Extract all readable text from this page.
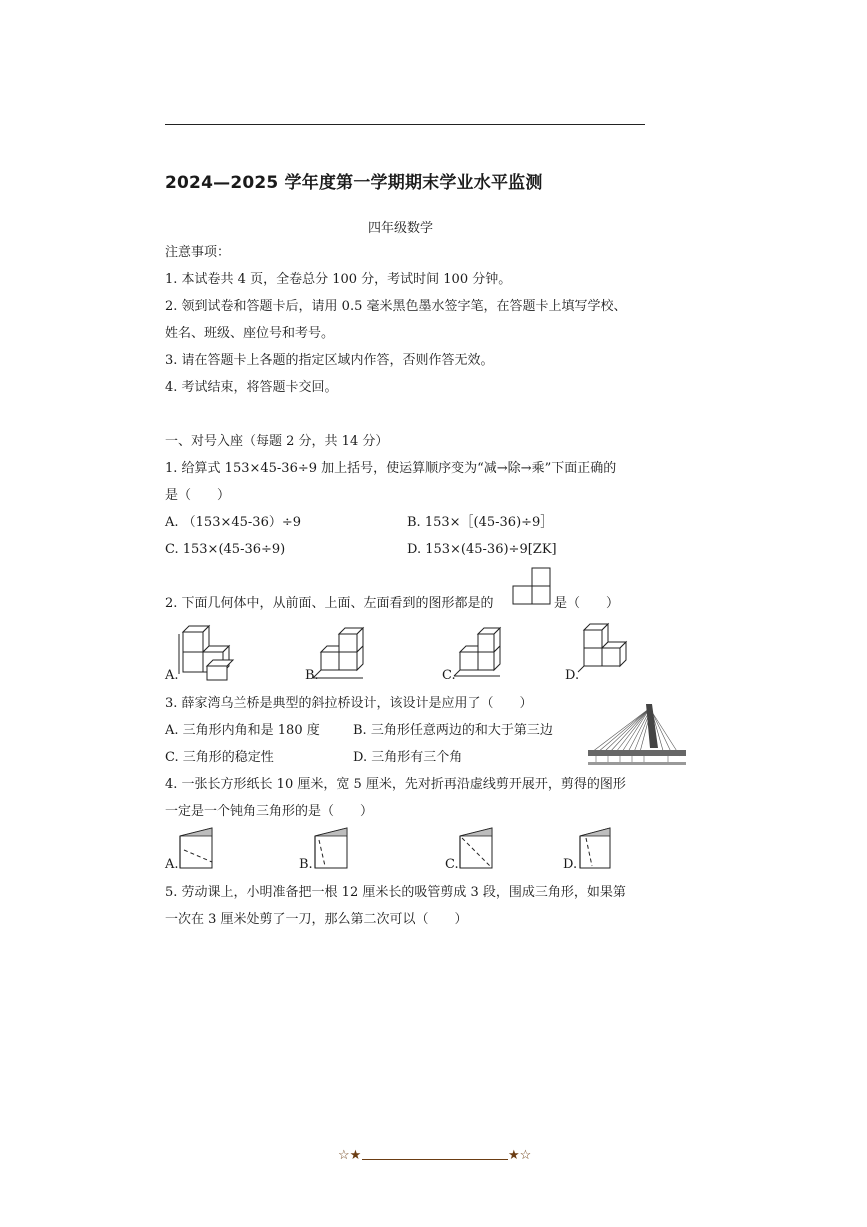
2024—2025 学年度第一学期期末学业水平监测
四年级数学
注意事项：
1. 本试卷共 4 页，全卷总分 100 分，考试时间 100 分钟。
2. 领到试卷和答题卡后，请用 0.5 毫米黑色墨水签字笔，在答题卡上填写学校、
姓名、班级、座位号和考号。
3. 请在答题卡上各题的指定区域内作答，否则作答无效。
4. 考试结束，将答题卡交回。
一、对号入座（每题 2 分，共 14 分）
1. 给算式 153×45-36÷9 加上括号，使运算顺序变为“减→除→乘”下面正确的
是（　　）
A. （153×45-36）÷9	B. 153×［(45-36)÷9］
C. 153×(45-36÷9)	D. 153×(45-36)÷9[ZK]
2. 下面几何体中，从前面、上面、左面看到的图形都是的	是（　　）
A.	B.	C.	D.
3. 薛家湾乌兰桥是典型的斜拉桥设计，该设计是应用了（　　）
A. 三角形内角和是 180 度	B. 三角形任意两边的和大于第三边
C. 三角形的稳定性	D. 三角形有三个角
4. 一张长方形纸长 10 厘米，宽 5 厘米，先对折再沿虚线剪开展开，剪得的图形
一定是一个钝角三角形的是（　　）
A.	B.	C.	D.
5. 劳动课上，小明准备把一根 12 厘米长的吸管剪成 3 段，围成三角形，如果第
一次在 3 厘米处剪了一刀，那么第二次可以（　　）
☆★	★☆
